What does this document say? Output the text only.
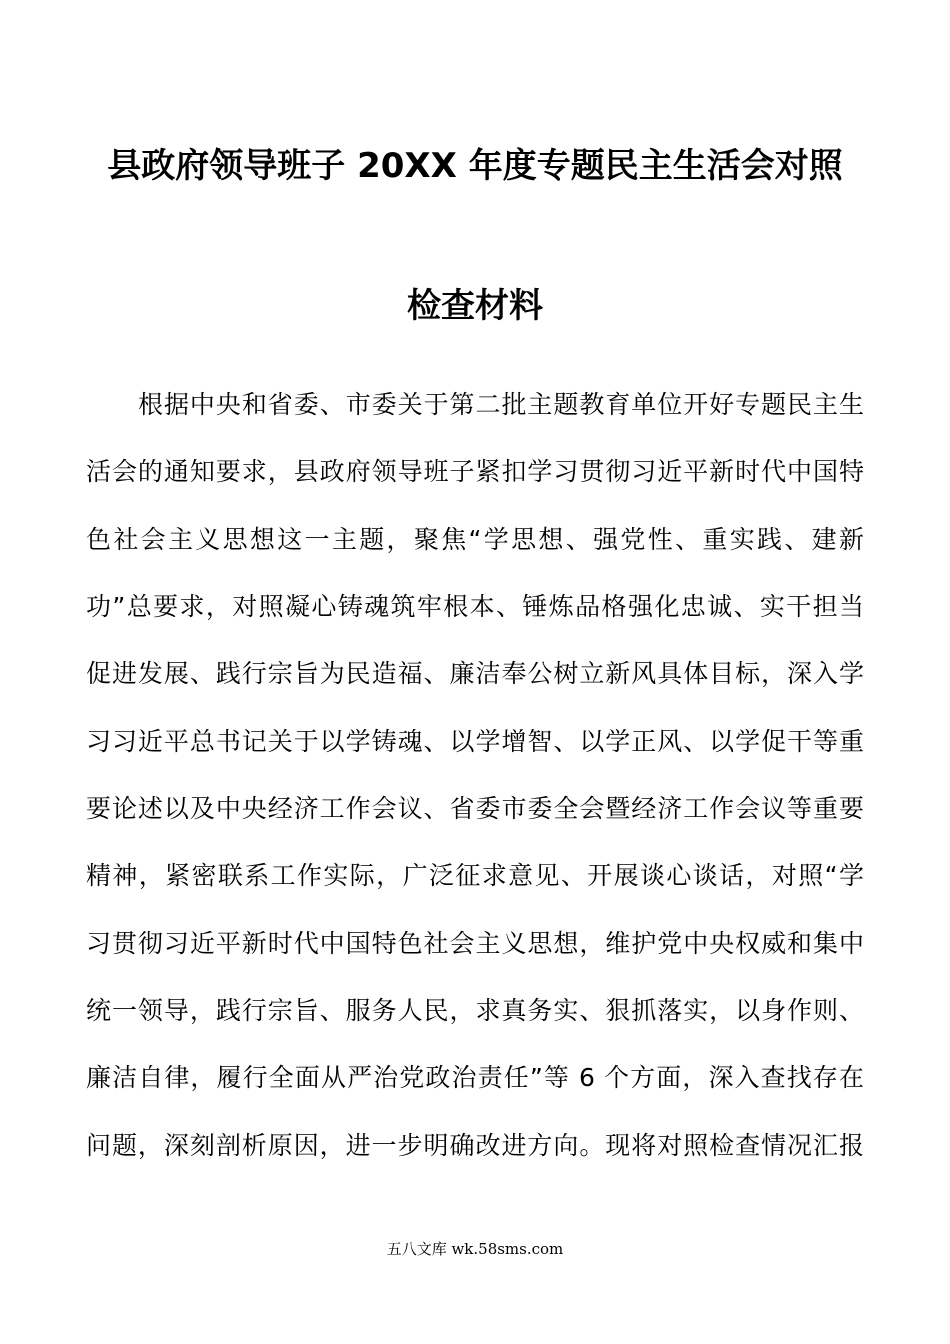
县政府领导班子 20XX 年度专题民主生活会对照
检查材料
根据中央和省委、市委关于第二批主题教育单位开好专题民主生
活会的通知要求，县政府领导班子紧扣学习贯彻习近平新时代中国特
色社会主义思想这一主题，聚焦“学思想、强党性、重实践、建新
功”总要求，对照凝心铸魂筑牢根本、锤炼品格强化忠诚、实干担当
促进发展、践行宗旨为民造福、廉洁奉公树立新风具体目标，深入学
习习近平总书记关于以学铸魂、以学增智、以学正风、以学促干等重
要论述以及中央经济工作会议、省委市委全会暨经济工作会议等重要
精神，紧密联系工作实际，广泛征求意见、开展谈心谈话，对照“学
习贯彻习近平新时代中国特色社会主义思想，维护党中央权威和集中
统一领导，践行宗旨、服务人民，求真务实、狠抓落实，以身作则、
廉洁自律，履行全面从严治党政治责任”等 6 个方面，深入查找存在
问题，深刻剖析原因，进一步明确改进方向。现将对照检查情况汇报
五八文库 wk.58sms.com
